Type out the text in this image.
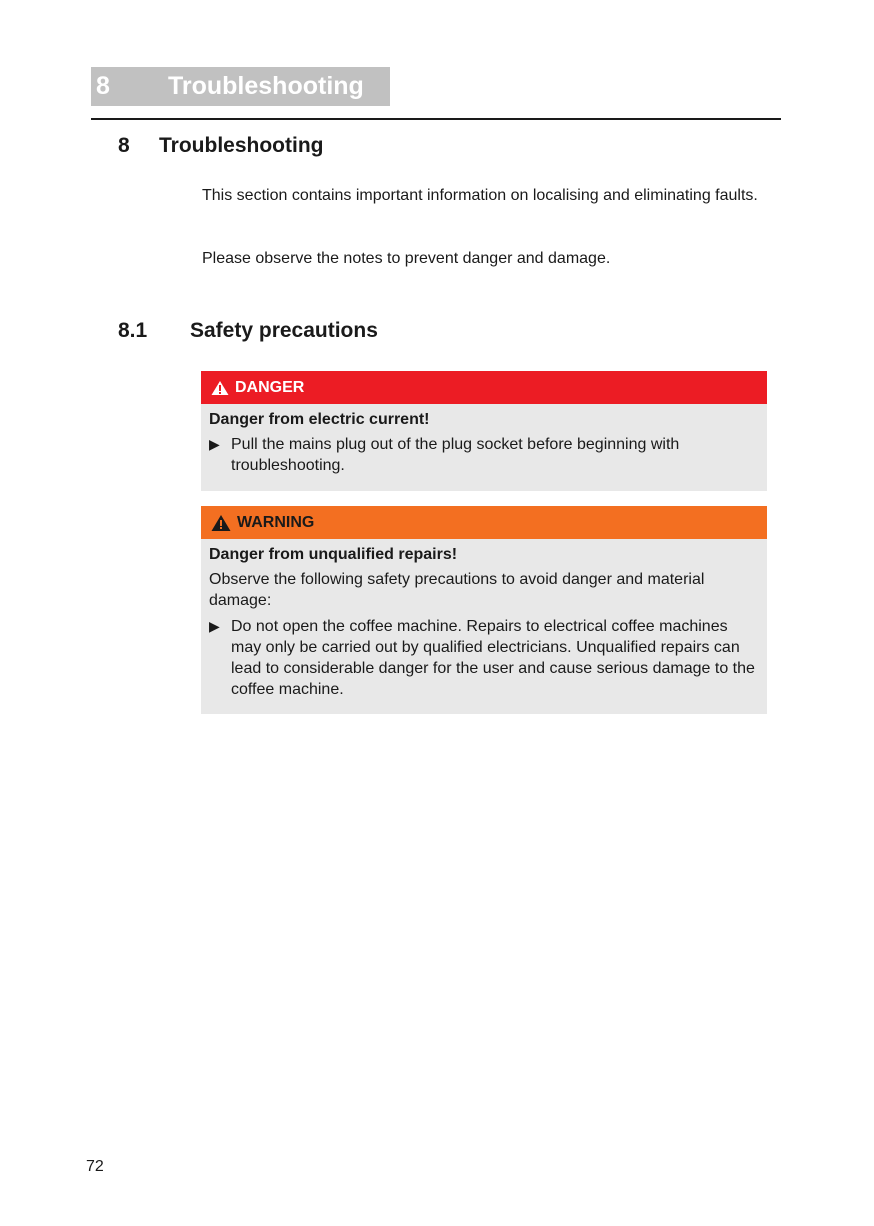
8 Troubleshooting
8 Troubleshooting
This section contains important information on localising and eliminating faults.
Please observe the notes to prevent danger and damage.
8.1 Safety precautions
DANGER
Danger from electric current!
▶ Pull the mains plug out of the plug socket before beginning with troubleshooting.
WARNING
Danger from unqualified repairs!
Observe the following safety precautions to avoid danger and material damage:
▶ Do not open the coffee machine. Repairs to electrical coffee machines may only be carried out by qualified electricians. Unqualified repairs can lead to considerable danger for the user and cause serious damage to the coffee machine.
72
